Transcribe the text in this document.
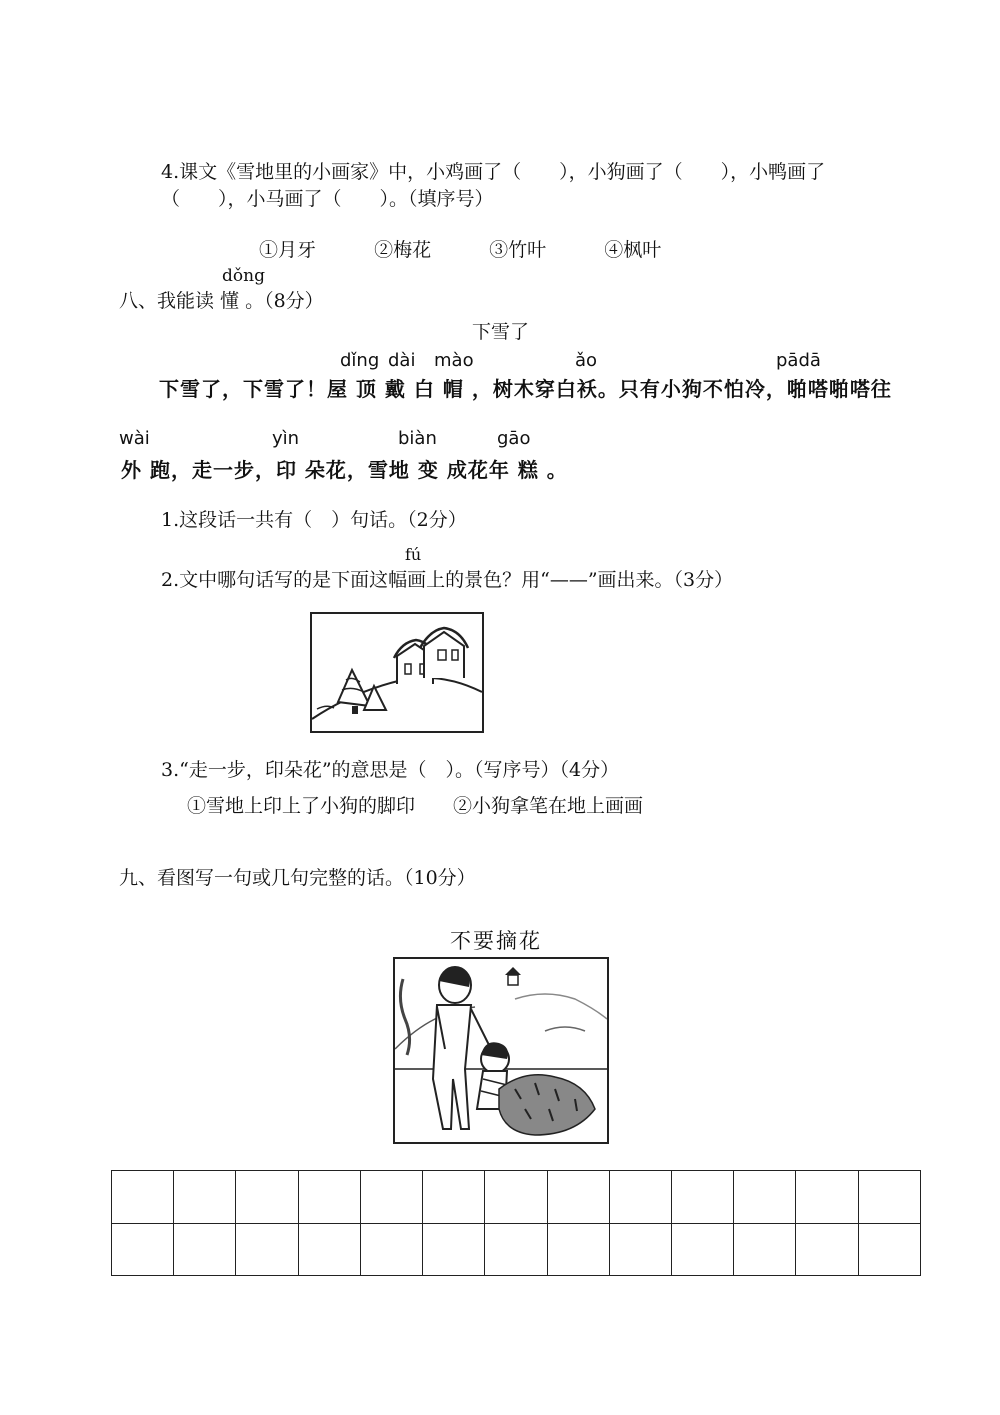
4.课文《雪地里的小画家》中，小鸡画了（　　），小狗画了（　　），小鸭画了
（　　），小马画了（　　）。（填序号）
①月牙	②梅花	③竹叶	④枫叶
dǒng
八、我能读 懂 。（8分）
下雪了
dǐng dài mào	ǎo	pādā
下雪了，下雪了！屋 顶 戴 白 帽 ，树木穿白袄。只有小狗不怕冷，啪嗒啪嗒往
wài	yìn	biàn	gāo
外 跑，走一步，印 朵花，雪地 变 成花年 糕 。
1.这段话一共有（　）句话。（2分）
fú
2.文中哪句话写的是下面这幅画上的景色？用“——”画出来。（3分）
3.“走一步，印朵花”的意思是（　）。（写序号）（4分）
①雪地上印上了小狗的脚印　　②小狗拿笔在地上画画
九、看图写一句或几句完整的话。（10分）
不要摘花
